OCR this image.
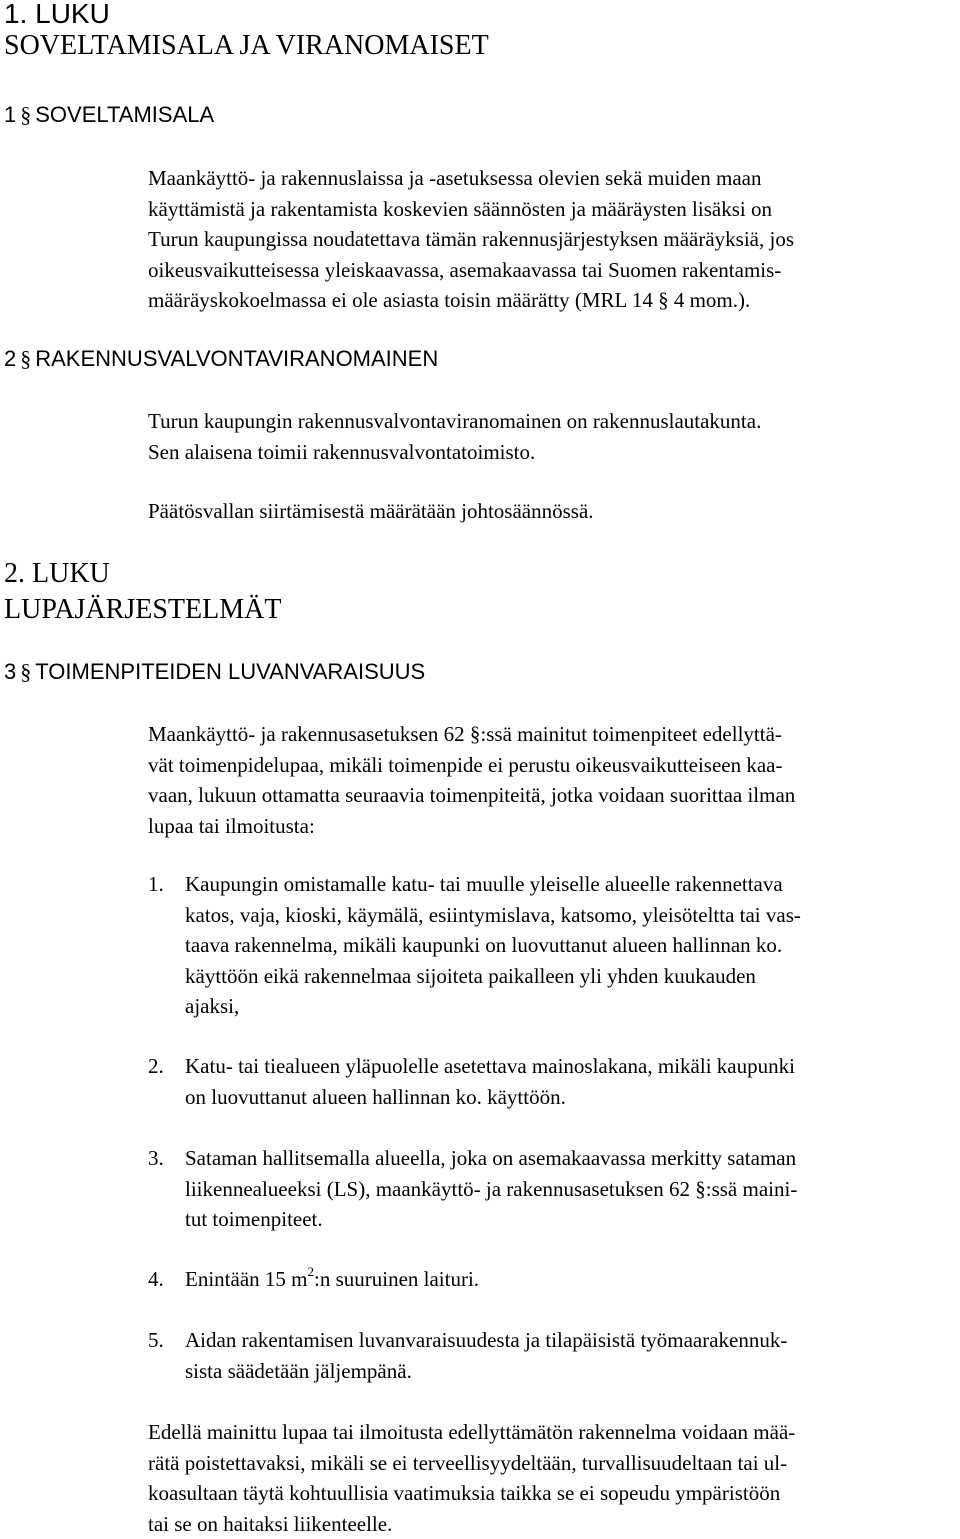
1. LUKU
SOVELTAMISALA JA VIRANOMAISET
1 § SOVELTAMISALA
Maankäyttö- ja rakennuslaissa ja -asetuksessa olevien sekä muiden maan
käyttämistä ja rakentamista koskevien säännösten ja määräysten lisäksi on
Turun kaupungissa noudatettava tämän rakennusjärjestyksen määräyksiä, jos
oikeusvaikutteisessa yleiskaavassa, asemakaavassa tai Suomen rakentamis-
määräyskokoelmassa ei ole asiasta toisin määrätty (MRL 14 § 4 mom.).
2 § RAKENNUSVALVONTAVIRANOMAINEN
Turun kaupungin rakennusvalvontaviranomainen on rakennuslautakunta.
Sen alaisena toimii rakennusvalvontatoimisto.
Päätösvallan siirtämisestä määrätään johtosäännössä.
2. LUKU
LUPAJÄRJESTELMÄT
3 § TOIMENPITEIDEN LUVANVARAISUUS
Maankäyttö- ja rakennusasetuksen 62 §:ssä mainitut toimenpiteet edellyttä-
vät toimenpidelupaa, mikäli toimenpide ei perustu oikeusvaikutteiseen kaa-
vaan, lukuun ottamatta seuraavia toimenpiteitä, jotka voidaan suorittaa ilman
lupaa tai ilmoitusta:
1. Kaupungin omistamalle katu- tai muulle yleiselle alueelle rakennettava
katos, vaja, kioski, käymälä, esiintymislava, katsomo, yleisöteltta tai vas-
taava rakennelma, mikäli kaupunki on luovuttanut alueen hallinnan ko.
käyttöön eikä rakennelmaa sijoiteta paikalleen yli yhden kuukauden
ajaksi,
2. Katu- tai tiealueen yläpuolelle asetettava mainoslakana, mikäli kaupunki
on luovuttanut alueen hallinnan ko. käyttöön.
3. Sataman hallitsemalla alueella, joka on asemakaavassa merkitty sataman
liikennealueeksi (LS), maankäyttö- ja rakennusasetuksen 62 §:ssä maini-
tut toimenpiteet.
4. Enintään 15 $m^2:n$ suuruinen laituri.
5. Aidan rakentamisen luvanvaraisuudesta ja tilapäisistä työmaarakennuk-
sista säädetään jäljempänä.
Edellä mainittu lupaa tai ilmoitusta edellyttämätön rakennelma voidaan mää-
rätä poistettavaksi, mikäli se ei terveellisyydeltään, turvallisuudeltaan tai ul-
koasultaan täytä kohtuullisia vaatimuksia taikka se ei sopeudu ympäristöön
tai se on haitaksi liikenteelle.
